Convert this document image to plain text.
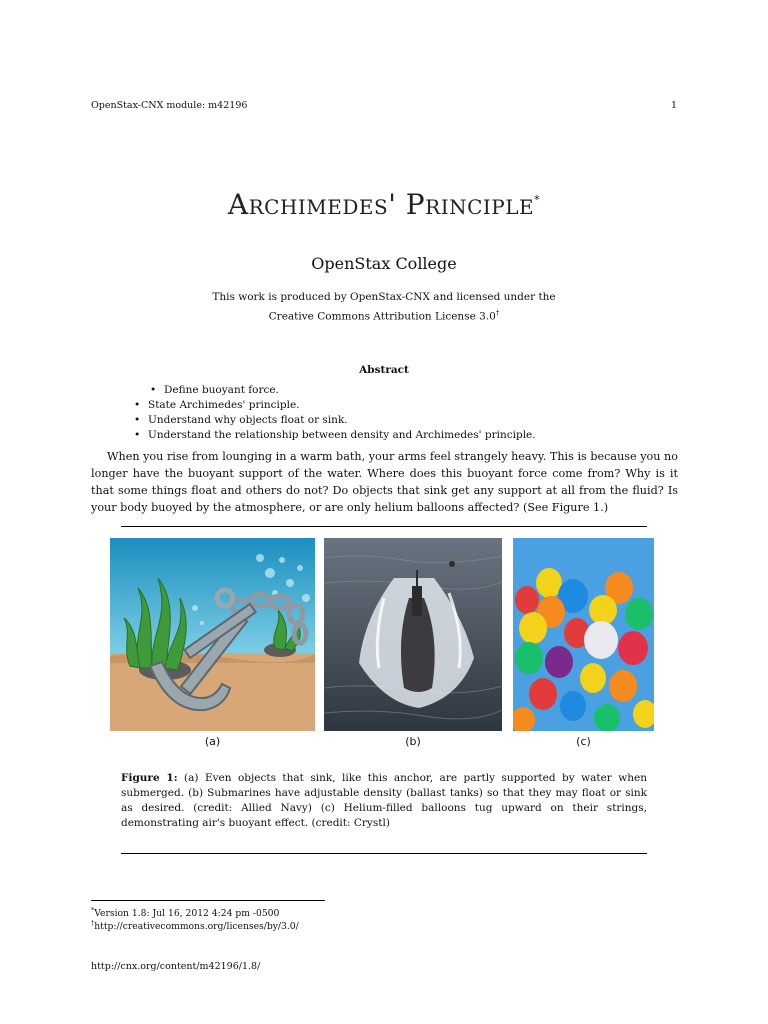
OpenStax-CNX module: m42196	1
Archimedes' Principle*
OpenStax College
This work is produced by OpenStax-CNX and licensed under the
Creative Commons Attribution License 3.0†
Abstract
• Define buoyant force.
• State Archimedes' principle.
• Understand why objects float or sink.
• Understand the relationship between density and Archimedes' principle.
When you rise from lounging in a warm bath, your arms feel strangely heavy. This is because you no longer have the buoyant support of the water. Where does this buoyant force come from? Why is it that some things float and others do not? Do objects that sink get any support at all from the fluid? Is your body buoyed by the atmosphere, or are only helium balloons affected? (See Figure 1.)
(a)	(b)	(c)
Figure 1: (a) Even objects that sink, like this anchor, are partly supported by water when submerged. (b) Submarines have adjustable density (ballast tanks) so that they may float or sink as desired. (credit: Allied Navy) (c) Helium-filled balloons tug upward on their strings, demonstrating air's buoyant effect. (credit: Crystl)
*Version 1.8: Jul 16, 2012 4:24 pm -0500
†http://creativecommons.org/licenses/by/3.0/
http://cnx.org/content/m42196/1.8/
